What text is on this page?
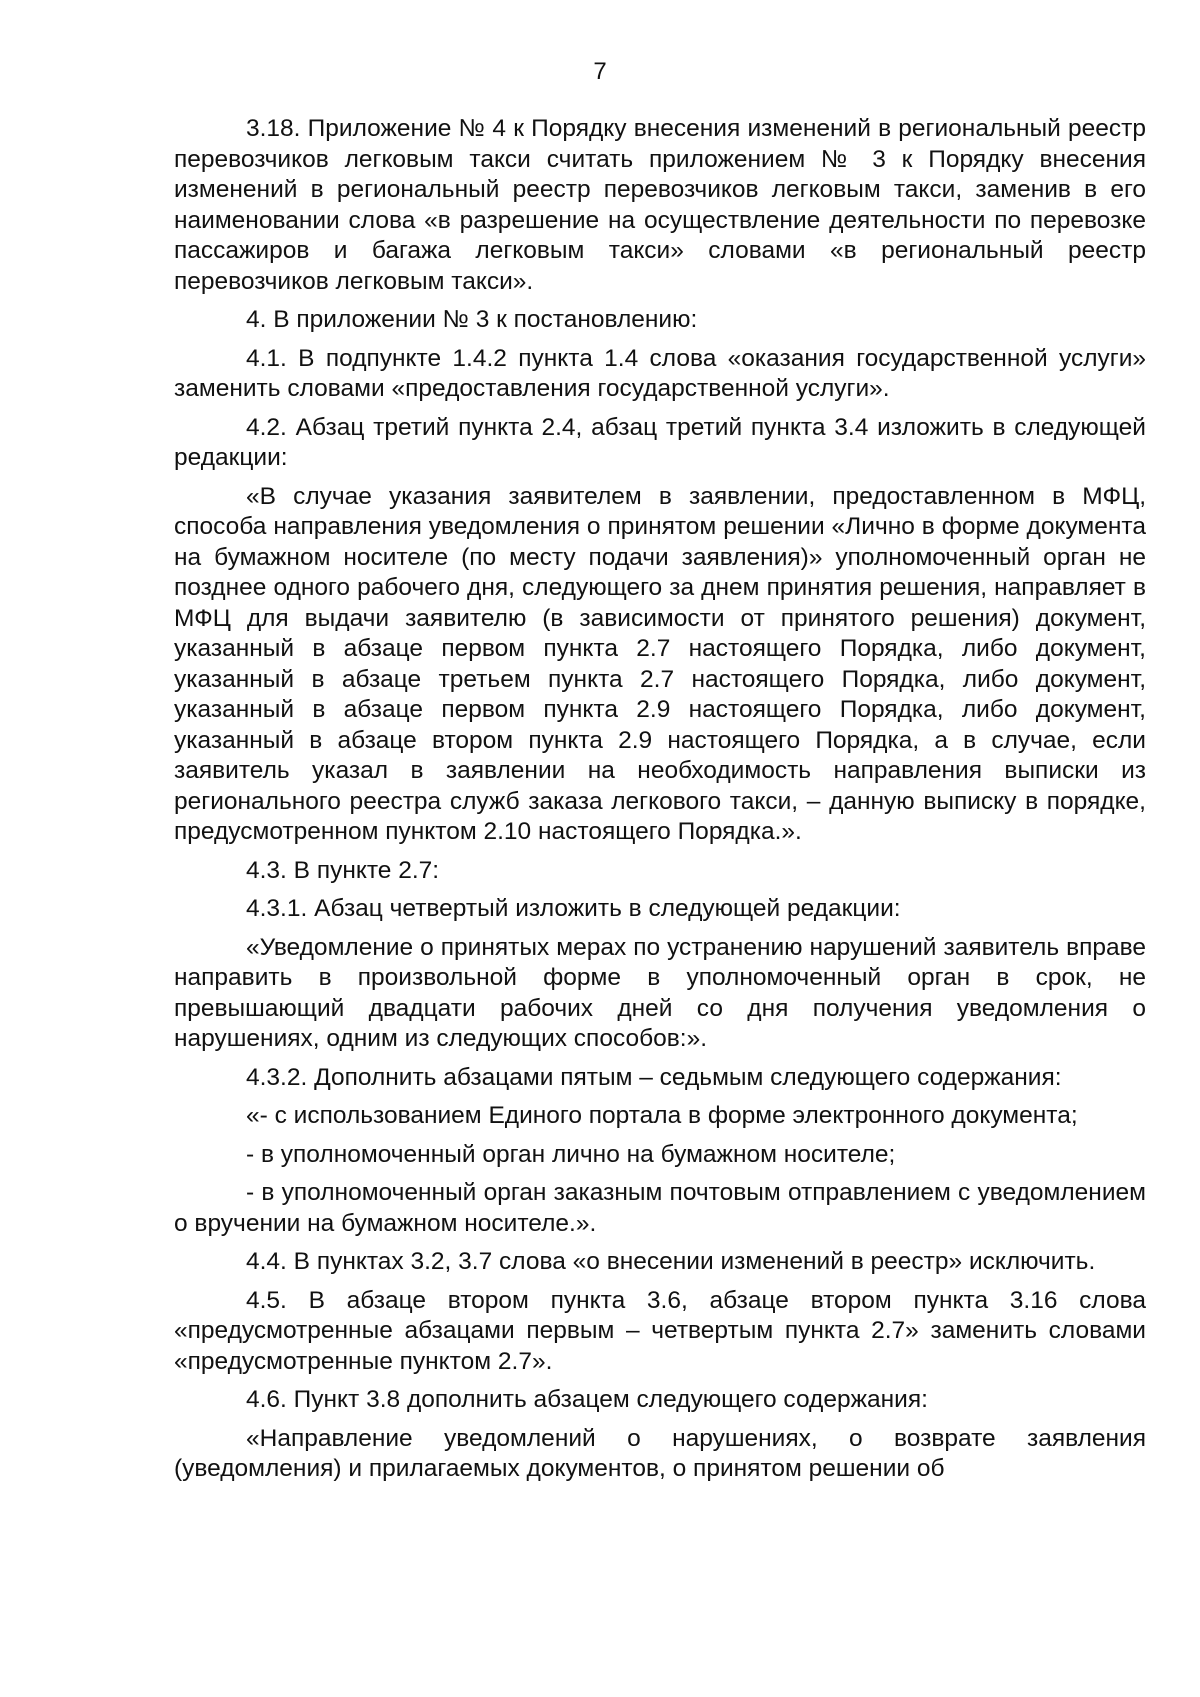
7

3.18. Приложение № 4 к Порядку внесения изменений в региональный реестр перевозчиков легковым такси считать приложением № 3 к Порядку внесения изменений в региональный реестр перевозчиков легковым такси, заменив в его наименовании слова «в разрешение на осуществление деятельности по перевозке пассажиров и багажа легковым такси» словами «в региональный реестр перевозчиков легковым такси».

4. В приложении № 3 к постановлению:

4.1. В подпункте 1.4.2 пункта 1.4 слова «оказания государственной услуги» заменить словами «предоставления государственной услуги».

4.2. Абзац третий пункта 2.4, абзац третий пункта 3.4 изложить в следующей редакции:

«В случае указания заявителем в заявлении, предоставленном в МФЦ, способа направления уведомления о принятом решении «Лично в форме документа на бумажном носителе (по месту подачи заявления)» уполномоченный орган не позднее одного рабочего дня, следующего за днем принятия решения, направляет в МФЦ для выдачи заявителю (в зависимости от принятого решения) документ, указанный в абзаце первом пункта 2.7 настоящего Порядка, либо документ, указанный в абзаце третьем пункта 2.7 настоящего Порядка, либо документ, указанный в абзаце первом пункта 2.9 настоящего Порядка, либо документ, указанный в абзаце втором пункта 2.9 настоящего Порядка, а в случае, если заявитель указал в заявлении на необходимость направления выписки из регионального реестра служб заказа легкового такси, – данную выписку в порядке, предусмотренном пунктом 2.10 настоящего Порядка.».

4.3. В пункте 2.7:

4.3.1. Абзац четвертый изложить в следующей редакции:

«Уведомление о принятых мерах по устранению нарушений заявитель вправе направить в произвольной форме в уполномоченный орган в срок, не превышающий двадцати рабочих дней со дня получения уведомления о нарушениях, одним из следующих способов:».

4.3.2. Дополнить абзацами пятым – седьмым следующего содержания:

«- с использованием Единого портала в форме электронного документа;

- в уполномоченный орган лично на бумажном носителе;

- в уполномоченный орган заказным почтовым отправлением с уведомлением о вручении на бумажном носителе.».

4.4. В пунктах 3.2, 3.7 слова «о внесении изменений в реестр» исключить.

4.5. В абзаце втором пункта 3.6, абзаце втором пункта 3.16 слова «предусмотренные абзацами первым – четвертым пункта 2.7» заменить словами «предусмотренные пунктом 2.7».

4.6. Пункт 3.8 дополнить абзацем следующего содержания:

«Направление уведомлений о нарушениях, о возврате заявления (уведомления) и прилагаемых документов, о принятом решении об
